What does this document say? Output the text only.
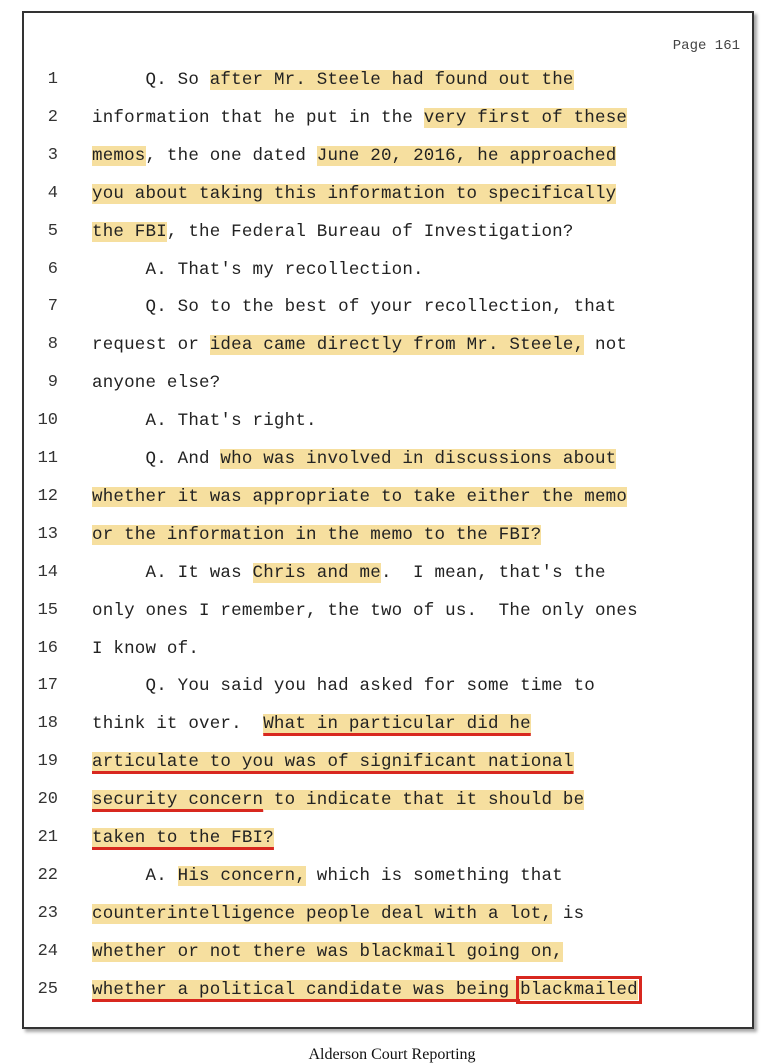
Page 161
1 Q. So after Mr. Steele had found out the
2 information that he put in the very first of these
3 memos, the one dated June 20, 2016, he approached
4 you about taking this information to specifically
5 the FBI, the Federal Bureau of Investigation?
6 A. That's my recollection.
7 Q. So to the best of your recollection, that
8 request or idea came directly from Mr. Steele, not
9 anyone else?
10 A. That's right.
11 Q. And who was involved in discussions about
12 whether it was appropriate to take either the memo
13 or the information in the memo to the FBI?
14 A. It was Chris and me.  I mean, that's the
15 only ones I remember, the two of us.  The only ones
16 I know of.
17 Q. You said you had asked for some time to
18 think it over.  What in particular did he
19 articulate to you was of significant national
20 security concern to indicate that it should be
21 taken to the FBI?
22 A. His concern, which is something that
23 counterintelligence people deal with a lot, is
24 whether or not there was blackmail going on,
25 whether a political candidate was being blackmailed
Alderson Court Reporting
